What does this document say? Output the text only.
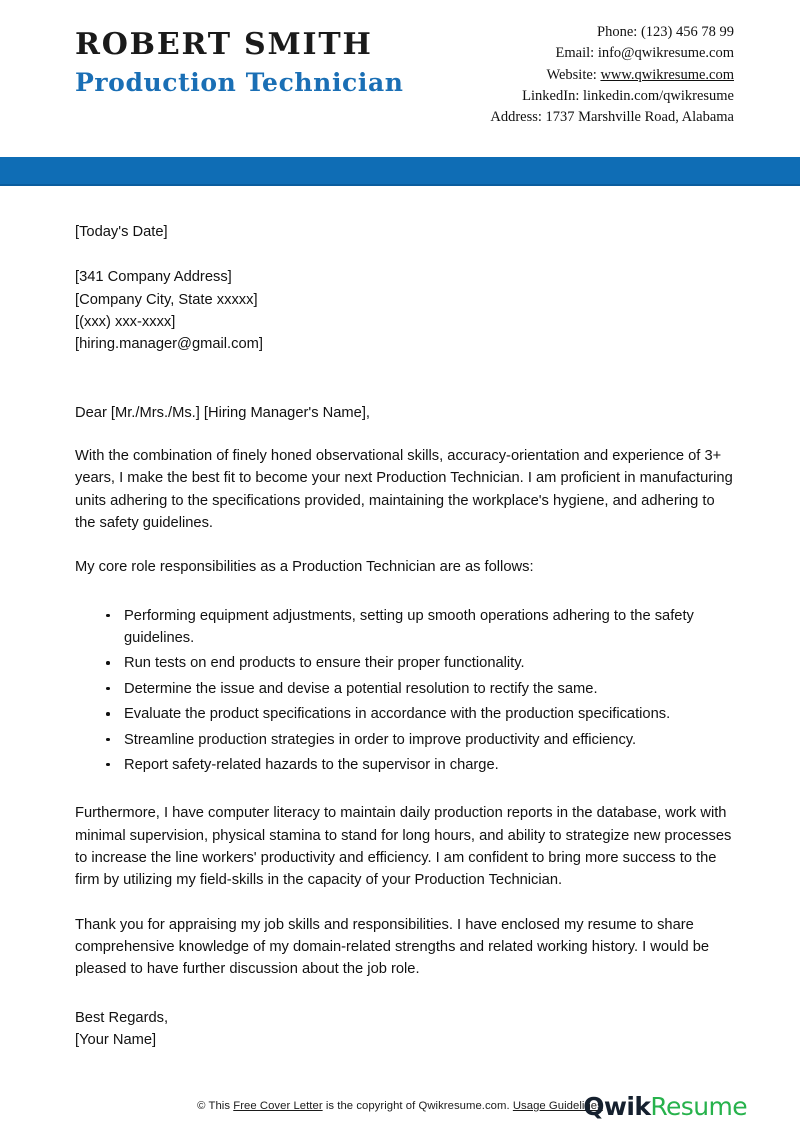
ROBERT SMITH
Production Technician
Phone: (123) 456 78 99
Email: info@qwikresume.com
Website: www.qwikresume.com
LinkedIn: linkedin.com/qwikresume
Address: 1737 Marshville Road, Alabama
[Today's Date]
[341 Company Address]
[Company City, State xxxxx]
[(xxx) xxx-xxxx]
[hiring.manager@gmail.com]
Dear [Mr./Mrs./Ms.] [Hiring Manager's Name],

With the combination of finely honed observational skills, accuracy-orientation and experience of 3+ years, I make the best fit to become your next Production Technician. I am proficient in manufacturing units adhering to the specifications provided, maintaining the workplace's hygiene, and adhering to the safety guidelines.

My core role responsibilities as a Production Technician are as follows:

Performing equipment adjustments, setting up smooth operations adhering to the safety guidelines.
Run tests on end products to ensure their proper functionality.
Determine the issue and devise a potential resolution to rectify the same.
Evaluate the product specifications in accordance with the production specifications.
Streamline production strategies in order to improve productivity and efficiency.
Report safety-related hazards to the supervisor in charge.

Furthermore, I have computer literacy to maintain daily production reports in the database, work with minimal supervision, physical stamina to stand for long hours, and ability to strategize new processes to increase the line workers' productivity and efficiency. I am confident to bring more success to the firm by utilizing my field-skills in the capacity of your Production Technician.

Thank you for appraising my job skills and responsibilities. I have enclosed my resume to share comprehensive knowledge of my domain-related strengths and related working history. I would be pleased to have further discussion about the job role.

Best Regards,
[Your Name]
© This Free Cover Letter is the copyright of Qwikresume.com. Usage Guidelines
QwikResume
